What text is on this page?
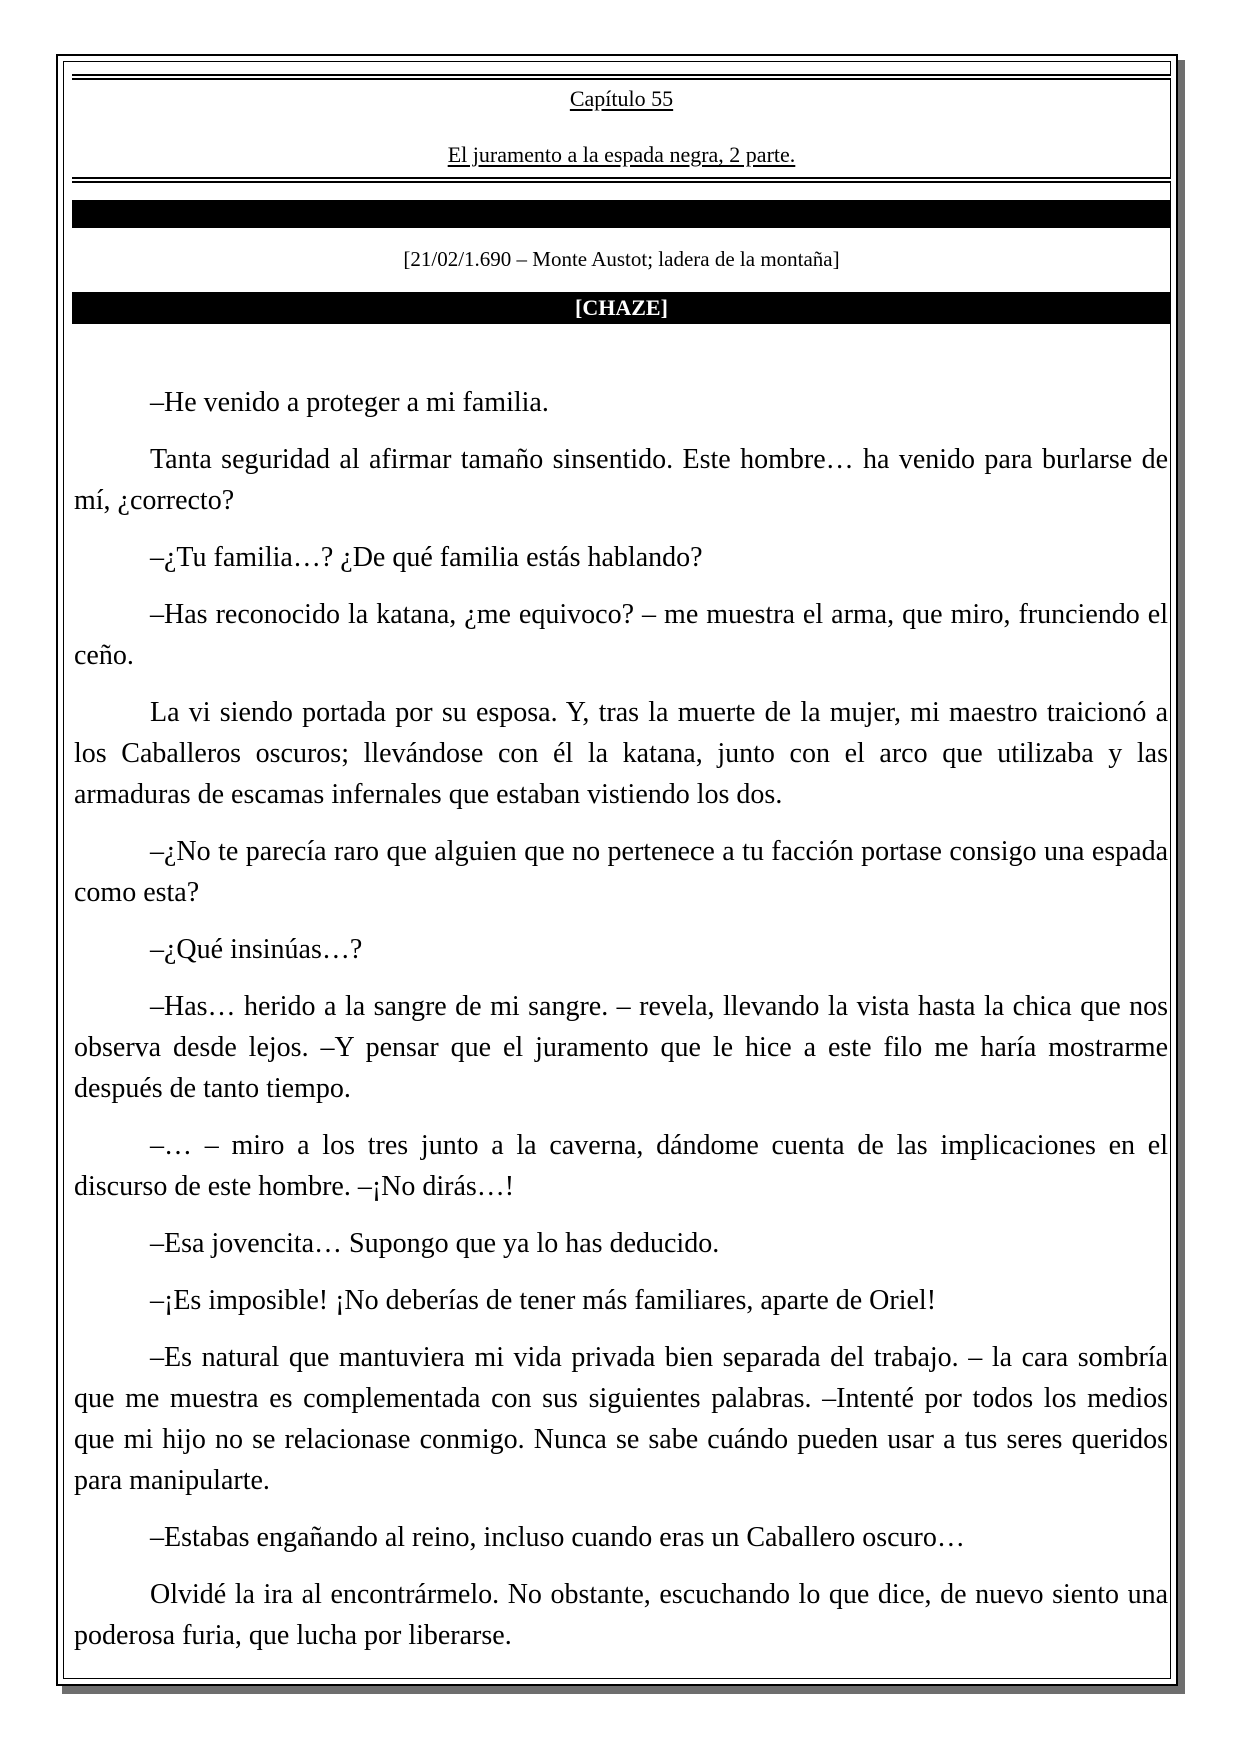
Capítulo 55
El juramento a la espada negra, 2 parte.
[21/02/1.690 – Monte Austot; ladera de la montaña]
[CHAZE]

–He venido a proteger a mi familia.

Tanta seguridad al afirmar tamaño sinsentido. Este hombre… ha venido para burlarse de mí, ¿correcto?

–¿Tu familia…? ¿De qué familia estás hablando?

–Has reconocido la katana, ¿me equivoco? – me muestra el arma, que miro, frunciendo el ceño.

La vi siendo portada por su esposa. Y, tras la muerte de la mujer, mi maestro traicionó a los Caballeros oscuros; llevándose con él la katana, junto con el arco que utilizaba y las armaduras de escamas infernales que estaban vistiendo los dos.

–¿No te parecía raro que alguien que no pertenece a tu facción portase consigo una espada como esta?

–¿Qué insinúas…?

–Has… herido a la sangre de mi sangre. – revela, llevando la vista hasta la chica que nos observa desde lejos. –Y pensar que el juramento que le hice a este filo me haría mostrarme después de tanto tiempo.

–… – miro a los tres junto a la caverna, dándome cuenta de las implicaciones en el discurso de este hombre. –¡No dirás…!

–Esa jovencita… Supongo que ya lo has deducido.

–¡Es imposible! ¡No deberías de tener más familiares, aparte de Oriel!

–Es natural que mantuviera mi vida privada bien separada del trabajo. – la cara sombría que me muestra es complementada con sus siguientes palabras. –Intenté por todos los medios que mi hijo no se relacionase conmigo. Nunca se sabe cuándo pueden usar a tus seres queridos para manipularte.

–Estabas engañando al reino, incluso cuando eras un Caballero oscuro…

Olvidé la ira al encontrármelo. No obstante, escuchando lo que dice, de nuevo siento una poderosa furia, que lucha por liberarse.
